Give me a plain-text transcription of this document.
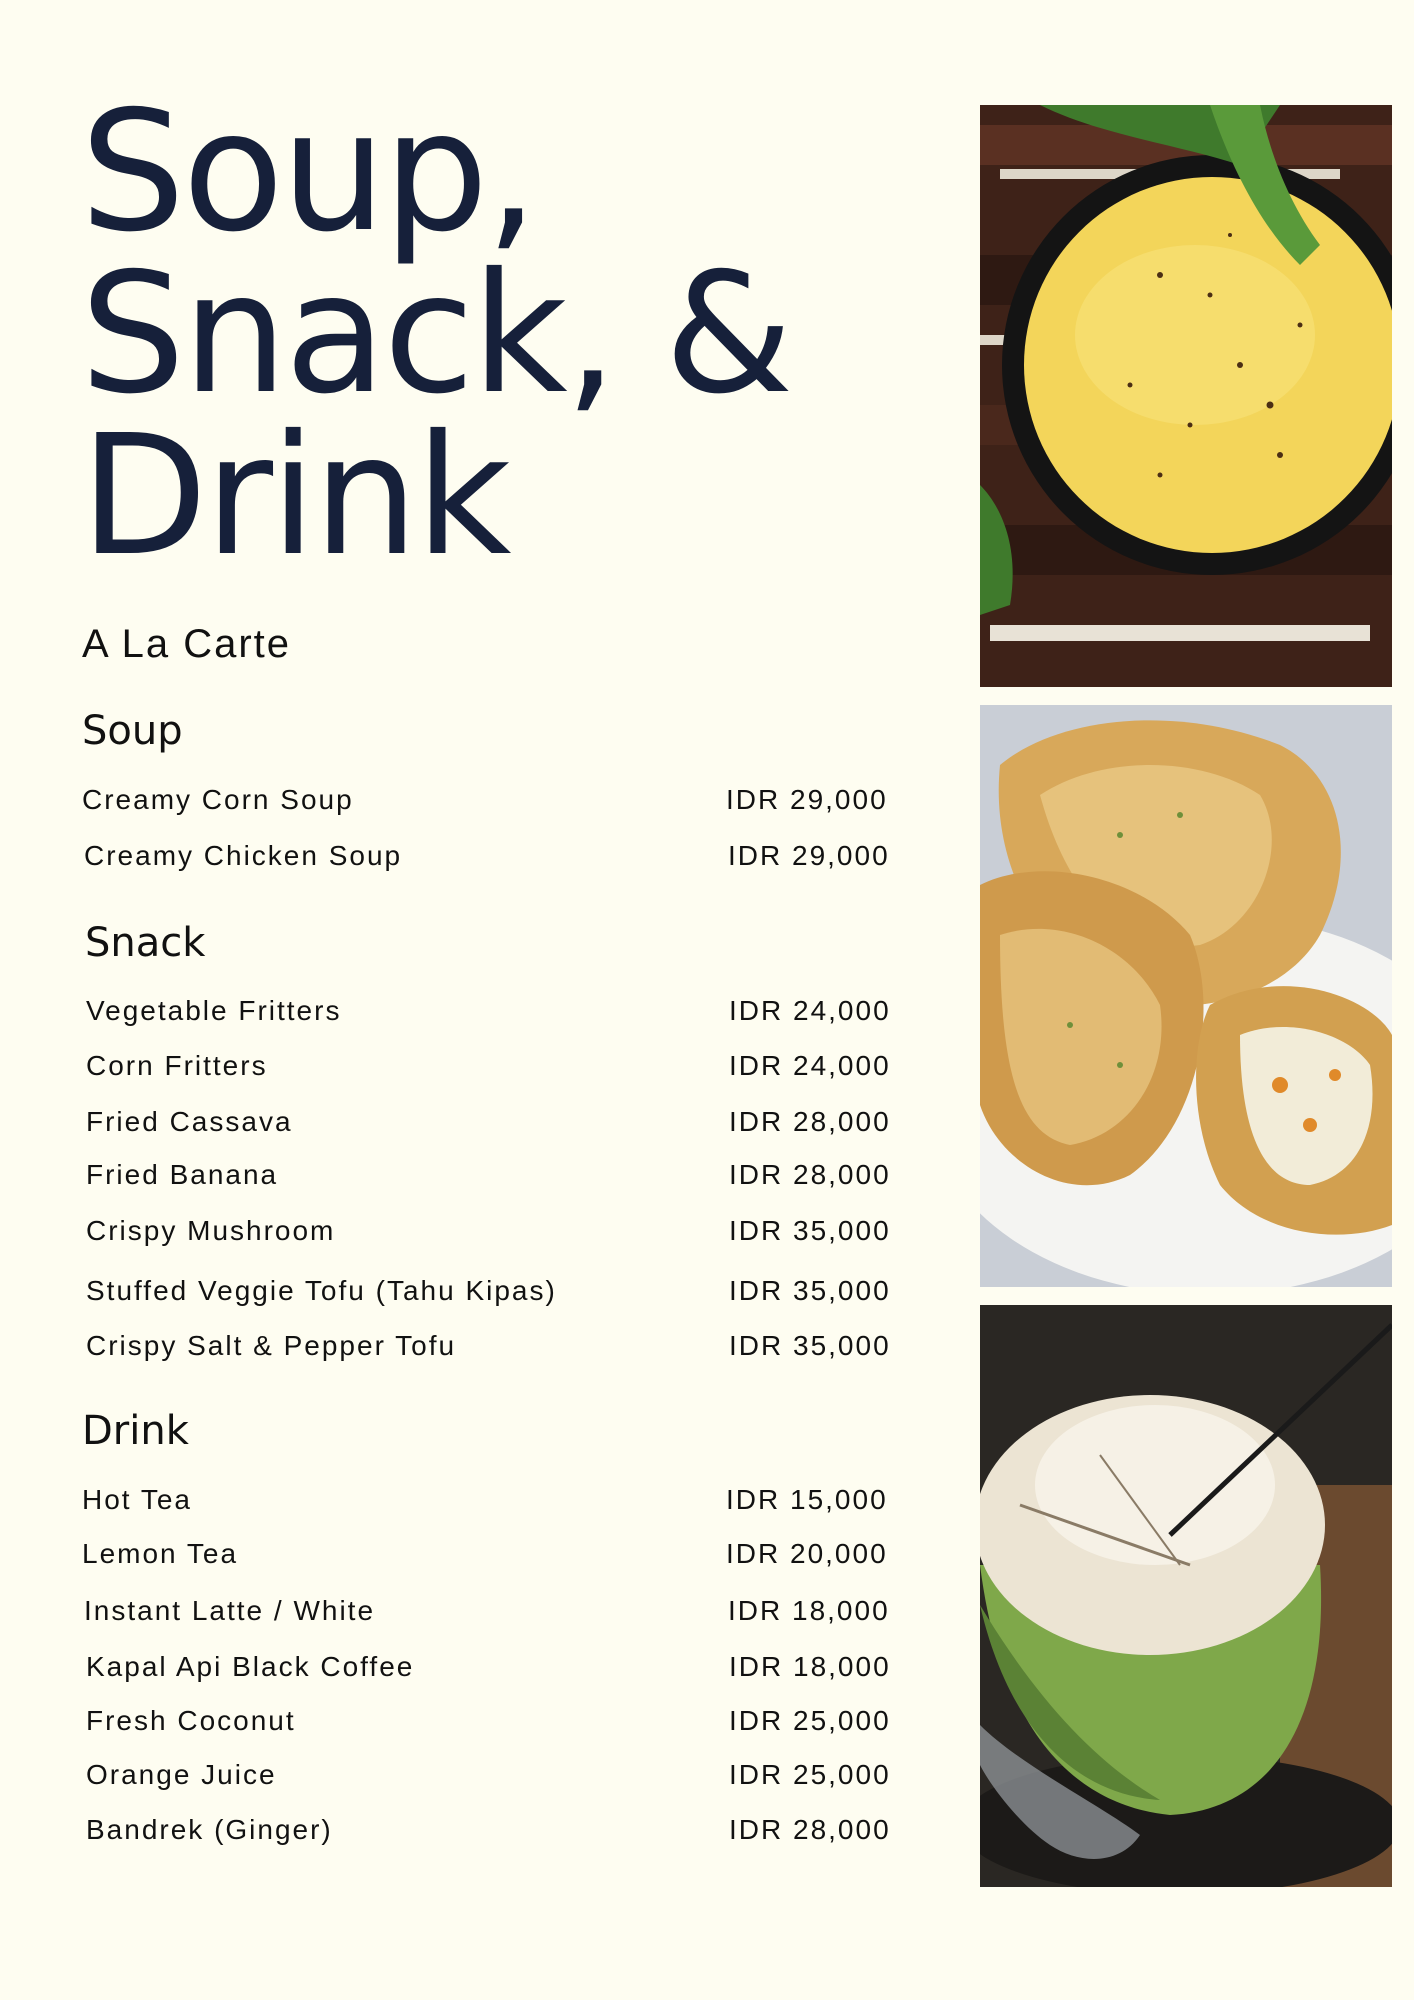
Soup,
Snack, &
Drink
A La Carte
Soup
Creamy Corn Soup	IDR 29,000
Creamy Chicken Soup	IDR 29,000
Snack
Vegetable Fritters	IDR 24,000
Corn Fritters	IDR 24,000
Fried Cassava	IDR 28,000
Fried Banana	IDR 28,000
Crispy Mushroom	IDR 35,000
Stuffed Veggie Tofu (Tahu Kipas)	IDR 35,000
Crispy Salt & Pepper Tofu	IDR 35,000
Drink
Hot Tea	IDR 15,000
Lemon Tea	IDR 20,000
Instant Latte / White	IDR 18,000
Kapal Api Black Coffee	IDR 18,000
Fresh Coconut	IDR 25,000
Orange Juice	IDR 25,000
Bandrek (Ginger)	IDR 28,000
